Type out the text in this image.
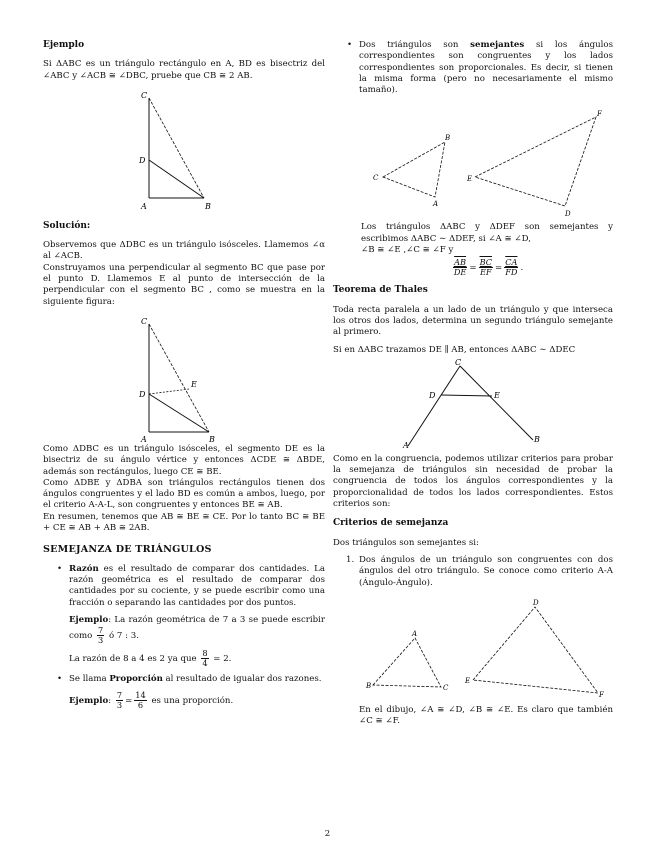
Ejemplo

Si ΔABC es un triángulo rectángulo en A, BD es bisectriz del ∠ABC y ∠ACB ≅ ∠DBC, pruebe que CB ≅ 2 AB.

C
D
A	B
Solución:

Observemos que ΔDBC es un triángulo isósceles. Llamemos ∠α al ∠ACB.

Construyamos una perpendicular al segmento BC que pase por el punto D. Llamemos E al punto de intersección de la perpendicular con el segmento BC , como se muestra en la siguiente figura:

C
E
D
A	B

Como ΔDBC es un triángulo isósceles, el segmento DE es la bisectriz de su ángulo vértice y entonces ΔCDE ≅ ΔBDE, además son rectángulos, luego CE ≅ BE.

Como ΔDBE y ΔDBA son triángulos rectángulos tienen dos ángulos congruentes y el lado BD es común a ambos, luego, por el criterio A-A-L, son congruentes y entonces BE ≅ AB.

En resumen, tenemos que AB ≅ BE ≅ CE. Por lo tanto BC ≅ BE + CE ≅ AB + AB ≅ 2AB.

SEMEJANZA DE TRIÁNGULOS
• Razón es el resultado de comparar dos cantidades. La razón geométrica es el resultado de comparar dos cantidades por su cociente, y se puede escribir como una fracción o separando las cantidades por dos puntos.
Ejemplo: La razón geométrica de 7 a 3 se puede escribir como $\frac{7}{3}$ ó 7 : 3.
La razón de 8 a 4 es 2 ya que $\frac{8}{4} = 2$.
• Se llama Proporción al resultado de igualar dos razones.
Ejemplo: $\frac{7}{3} = \frac{14}{6}$ es una proporción.
• Dos triángulos son semejantes si los ángulos correspondientes son congruentes y los lados correspondientes son proporcionales. Es decir, si tienen la misma forma (pero no necesariamente el mismo tamaño).
C
B
A
E
F
D

Los triángulos ΔABC y ΔDEF son semejantes y escribimos ΔABC ∼ ΔDEF, si ∠A ≅ ∠D,

∠B ≅ ∠E ,∠C ≅ ∠F y

$\frac{\overline{AB}}{DE} = \frac{\overline{BC}}{EF} = \frac{\overline{CA}}{FD}$ .
Teorema de Thales

Toda recta paralela a un lado de un triángulo y que interseca los otros dos lados, determina un segundo triángulo semejante al primero.

Si en ΔABC trazamos DE ∥ AB, entonces ΔABC ∼ ΔDEC

C
D	E
A
B

Como en la congruencia, podemos utilizar criterios para probar la semejanza de triángulos sin necesidad de probar la congruencia de todos los ángulos correspondientes y la proporcionalidad de todos los lados correspondientes. Estos criterios son:

Criterios de semejanza

Dos triángulos son semejantes si:

1. Dos ángulos de un triángulo son congruentes con dos ángulos del otro triángulo. Se conoce como criterio A-A (Ángulo-Ángulo).
A
B	C
D
E
F

En el dibujo, ∠A ≅ ∠D, ∠B ≅ ∠E. Es claro que también ∠C ≅ ∠F.

2
